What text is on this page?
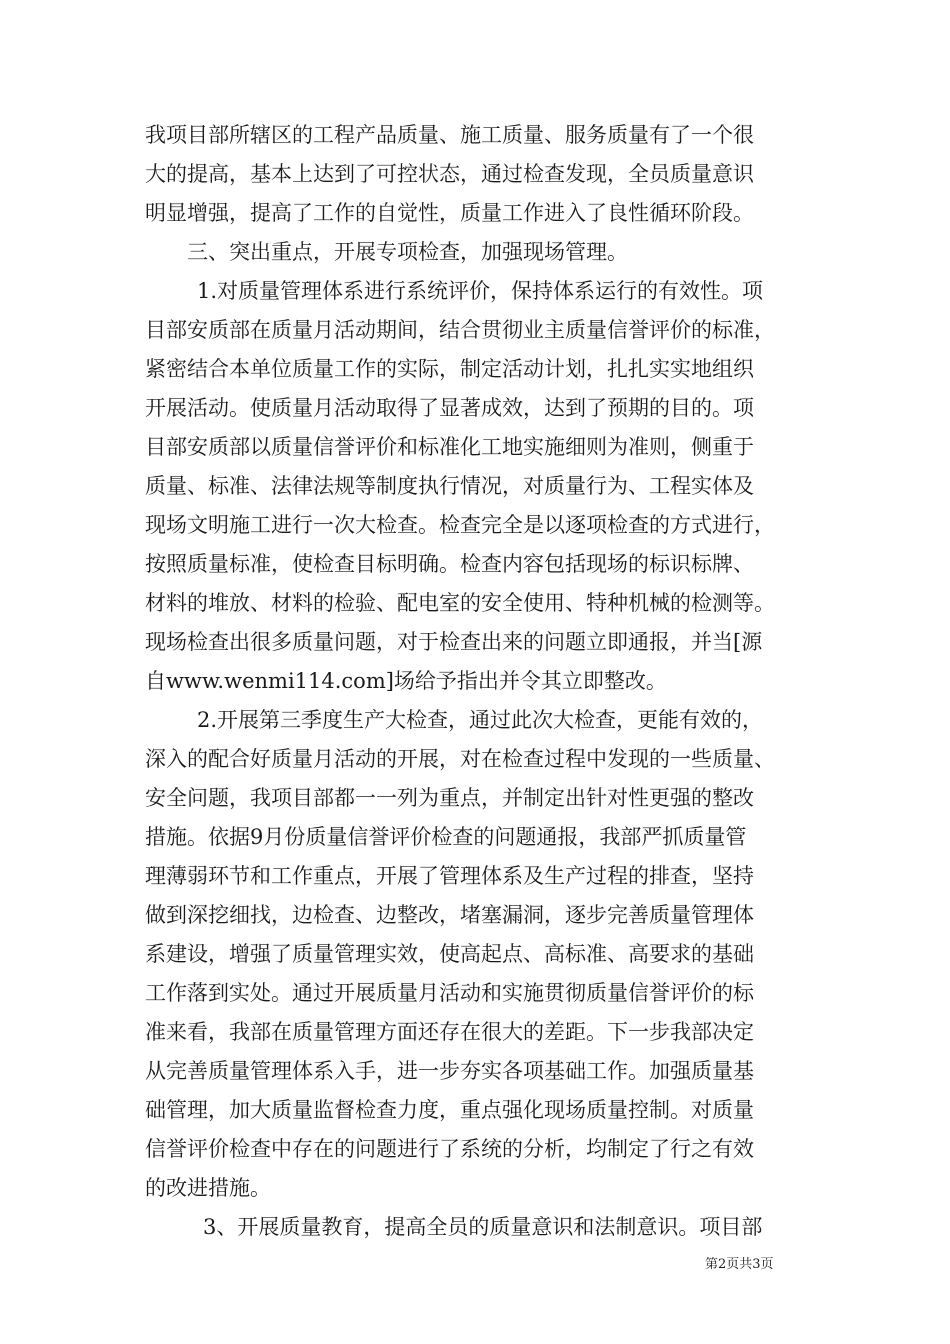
我项目部所辖区的工程产品质量、施工质量、服务质量有了一个很
大的提高，基本上达到了可控状态，通过检查发现，全员质量意识
明显增强，提高了工作的自觉性，质量工作进入了良性循环阶段。
三、突出重点，开展专项检查，加强现场管理。
1.对质量管理体系进行系统评价，保持体系运行的有效性。项
目部安质部在质量月活动期间，结合贯彻业主质量信誉评价的标准，
紧密结合本单位质量工作的实际，制定活动计划，扎扎实实地组织
开展活动。使质量月活动取得了显著成效，达到了预期的目的。项
目部安质部以质量信誉评价和标准化工地实施细则为准则，侧重于
质量、标准、法律法规等制度执行情况，对质量行为、工程实体及
现场文明施工进行一次大检查。检查完全是以逐项检查的方式进行，
按照质量标准，使检查目标明确。检查内容包括现场的标识标牌、
材料的堆放、材料的检验、配电室的安全使用、特种机械的检测等。
现场检查出很多质量问题，对于检查出来的问题立即通报，并当[源
自www.wenmi114.com]场给予指出并令其立即整改。
2.开展第三季度生产大检查，通过此次大检查，更能有效的，
深入的配合好质量月活动的开展，对在检查过程中发现的一些质量、
安全问题，我项目部都一一列为重点，并制定出针对性更强的整改
措施。依据9月份质量信誉评价检查的问题通报，我部严抓质量管
理薄弱环节和工作重点，开展了管理体系及生产过程的排查，坚持
做到深挖细找，边检查、边整改，堵塞漏洞，逐步完善质量管理体
系建设，增强了质量管理实效，使高起点、高标准、高要求的基础
工作落到实处。通过开展质量月活动和实施贯彻质量信誉评价的标
准来看，我部在质量管理方面还存在很大的差距。下一步我部决定
从完善质量管理体系入手，进一步夯实各项基础工作。加强质量基
础管理，加大质量监督检查力度，重点强化现场质量控制。对质量
信誉评价检查中存在的问题进行了系统的分析，均制定了行之有效
的改进措施。
3、开展质量教育，提高全员的质量意识和法制意识。项目部
第2页共3页
